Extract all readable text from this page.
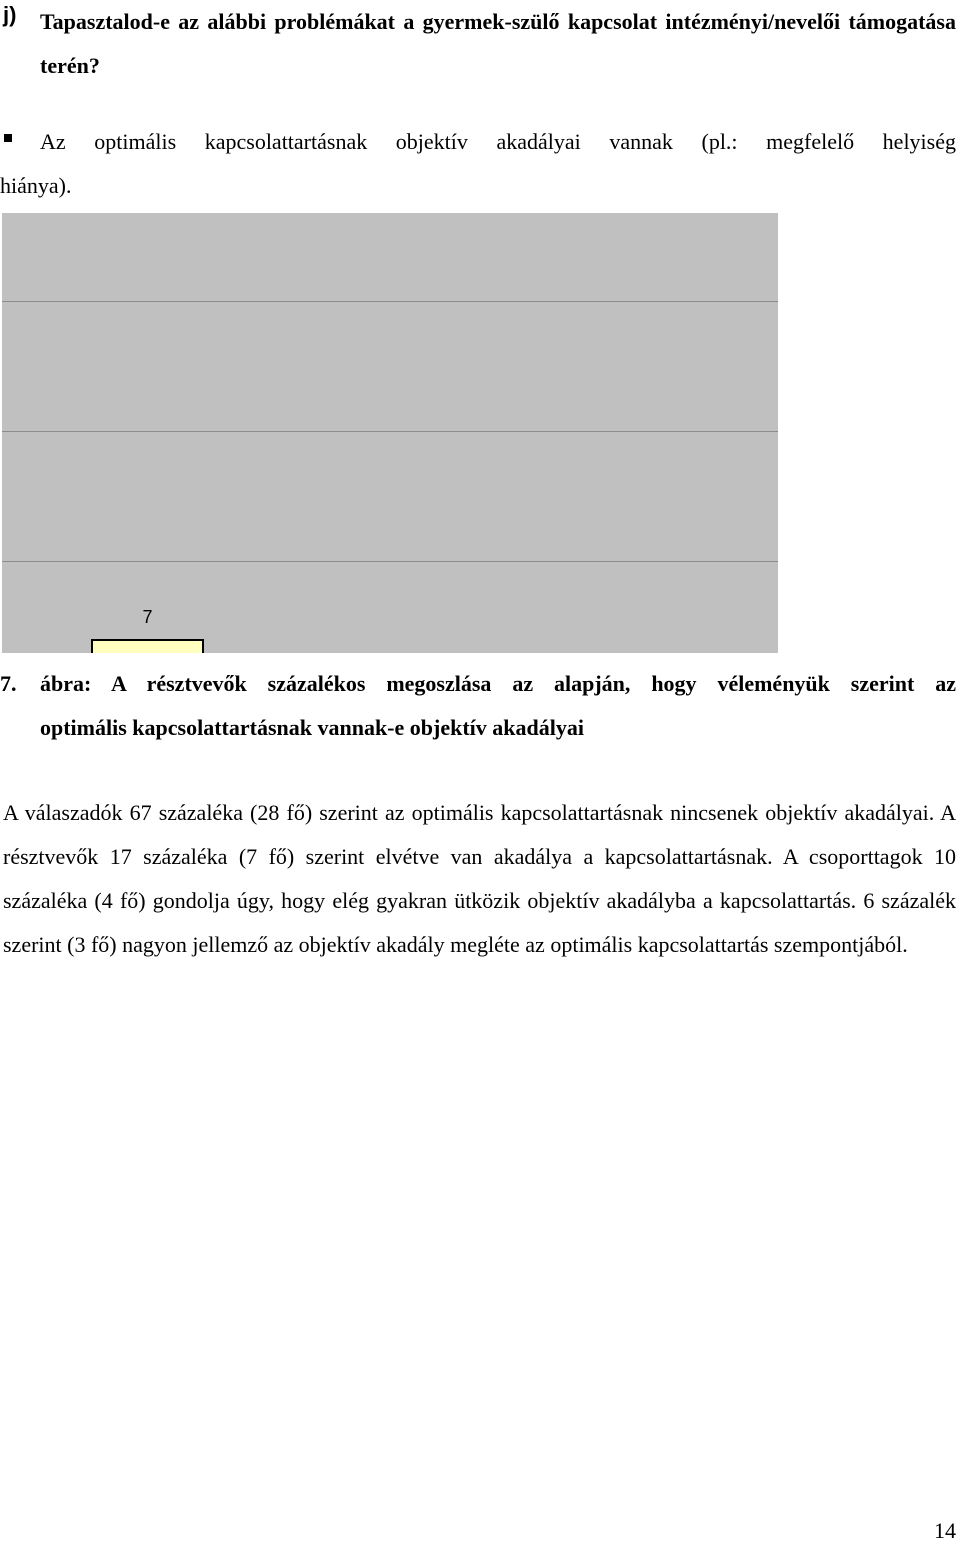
j) Tapasztalod-e az alábbi problémákat a gyermek-szülő kapcsolat intézményi/nevelői támogatása terén?
Az optimális kapcsolattartásnak objektív akadályai vannak (pl.: megfelelő helyiség
hiánya).
7
7. ábra: A résztvevők százalékos megoszlása az alapján, hogy véleményük szerint az
optimális kapcsolattartásnak vannak-e objektív akadályai
A válaszadók 67 százaléka (28 fő) szerint az optimális kapcsolattartásnak nincsenek objektív akadályai. A résztvevők 17 százaléka (7 fő) szerint elvétve van akadálya a kapcsolattartásnak. A csoporttagok 10 százaléka (4 fő) gondolja úgy, hogy elég gyakran ütközik objektív akadályba a kapcsolattartás. 6 százalék szerint (3 fő) nagyon jellemző az objektív akadály megléte az optimális kapcsolattartás szempontjából.
14
